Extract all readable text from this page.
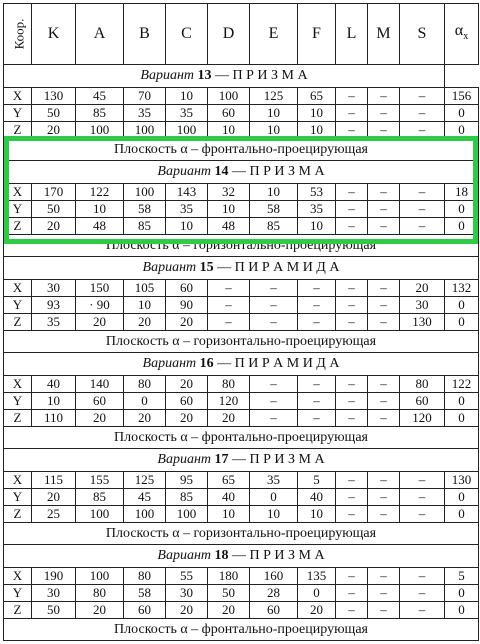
Коор.	K	A	B	C	D	E	F	L	M	S	$\alpha_x$
Вариант 13 — П Р И З М А											
X	130	45	70	10	100	125	65	–	–	–	156
Y	50	85	35	35	60	10	10	–	–	–	0
Z	20	100	100	100	10	10	10	–	–	–	0
Плоскость α – фронтально-проецирующая											
Вариант 14 — П Р И З М А											
X	170	122	100	143	32	10	53	–	–	–	18
Y	50	10	58	35	10	58	35	–	–	–	0
Z	20	48	85	10	48	85	10	–	–	–	0
Плоскость α – горизонтально-проецирующая											
Вариант 15 — П И Р А М И Д А											
X	30	150	105	60	–	–	–	–	–	20	132
Y	93	· 90	10	90	–	–	–	–	–	30	0
Z	35	20	20	20	–	–	–	–	–	130	0
Плоскость α – горизонтально-проецирующая											
Вариант 16 — П И Р А М И Д А											
X	40	140	80	20	80	–	–	–	–	80	122
Y	10	60	0	60	120	–	–	–	–	60	0
Z	110	20	20	20	20	–	–	–	–	120	0
Плоскость α – фронтально-проецирующая											
Вариант 17 — П Р И З М А											
X	115	155	125	95	65	35	5	–	–	–	130
Y	20	85	45	85	40	0	40	–	–	–	0
Z	25	100	100	100	10	10	10	–	–	–	0
Плоскость α – горизонтально-проецирующая											
Вариант 18 — П Р И З М А											
X	190	100	80	55	180	160	135	–	–	–	5
Y	30	80	58	30	50	28	0	–	–	–	0
Z	50	20	60	20	20	60	20	–	–	–	0
Плоскость α – фронтально-проецирующая											
